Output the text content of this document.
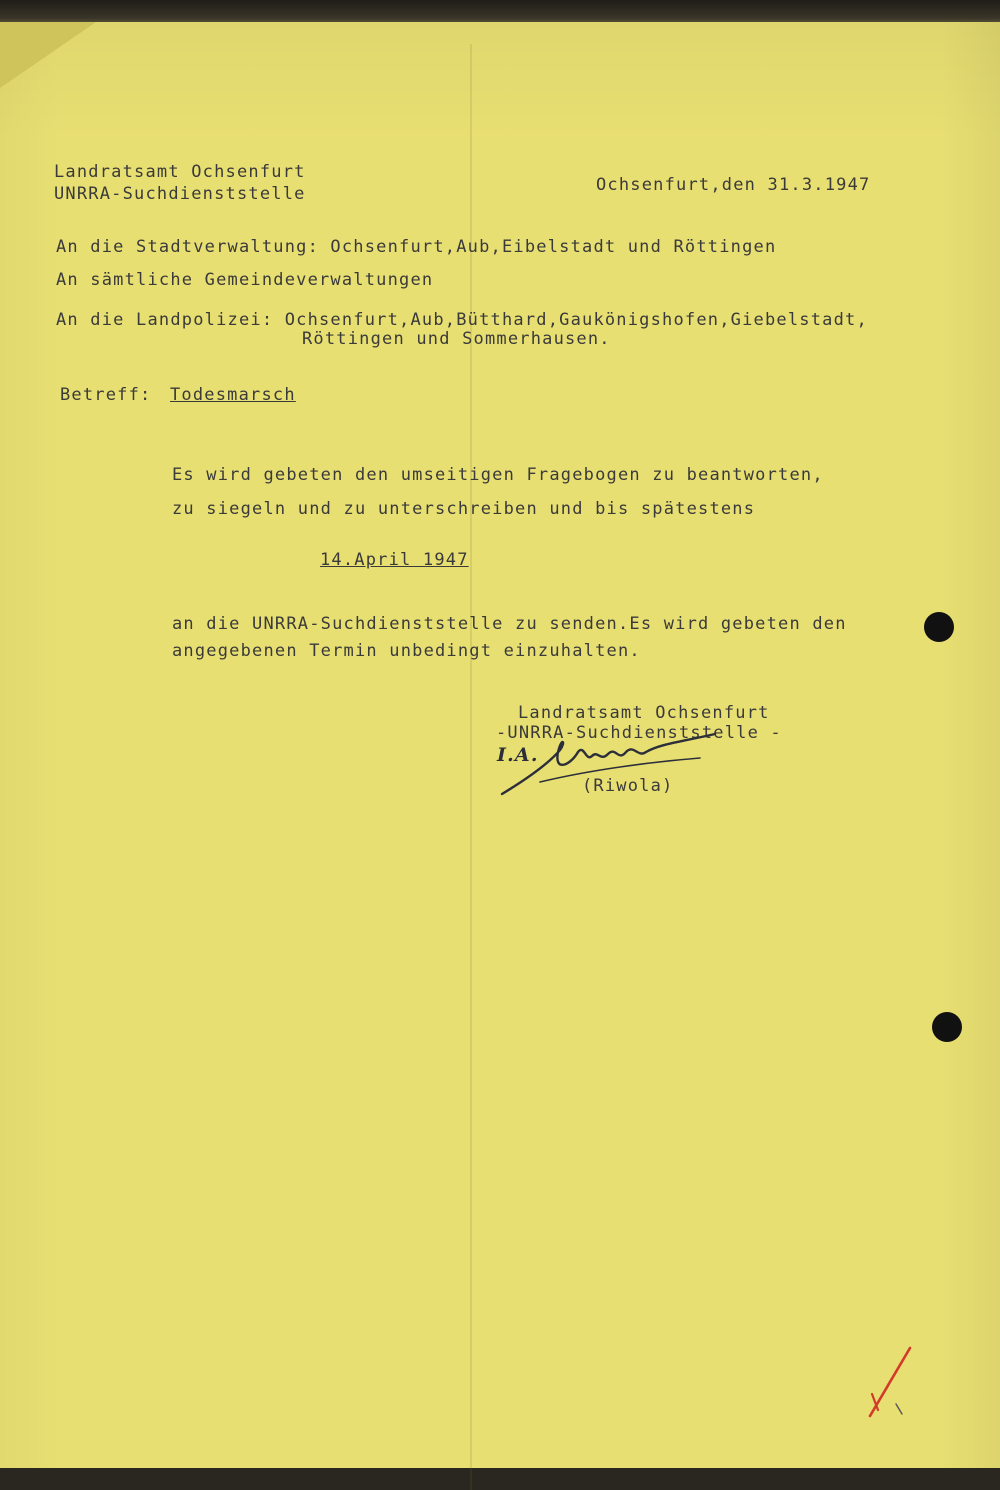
Landratsamt Ochsenfurt
UNRRA-Suchdienststelle	Ochsenfurt,den 31.3.1947
An die Stadtverwaltung: Ochsenfurt,Aub,Eibelstadt und Röttingen
An sämtliche Gemeindeverwaltungen
An die Landpolizei: Ochsenfurt,Aub,Bütthard,Gaukönigshofen,Giebelstadt,
Röttingen und Sommerhausen.
Betreff: Todesmarsch
Es wird gebeten den umseitigen Fragebogen zu beantworten,
zu siegeln und zu unterschreiben und bis spätestens
14.April 1947
an die UNRRA-Suchdienststelle zu senden.Es wird gebeten den
angegebenen Termin unbedingt einzuhalten.
Landratsamt Ochsenfurt
-UNRRA-Suchdienststelle -
I.A.
(Riwola)
